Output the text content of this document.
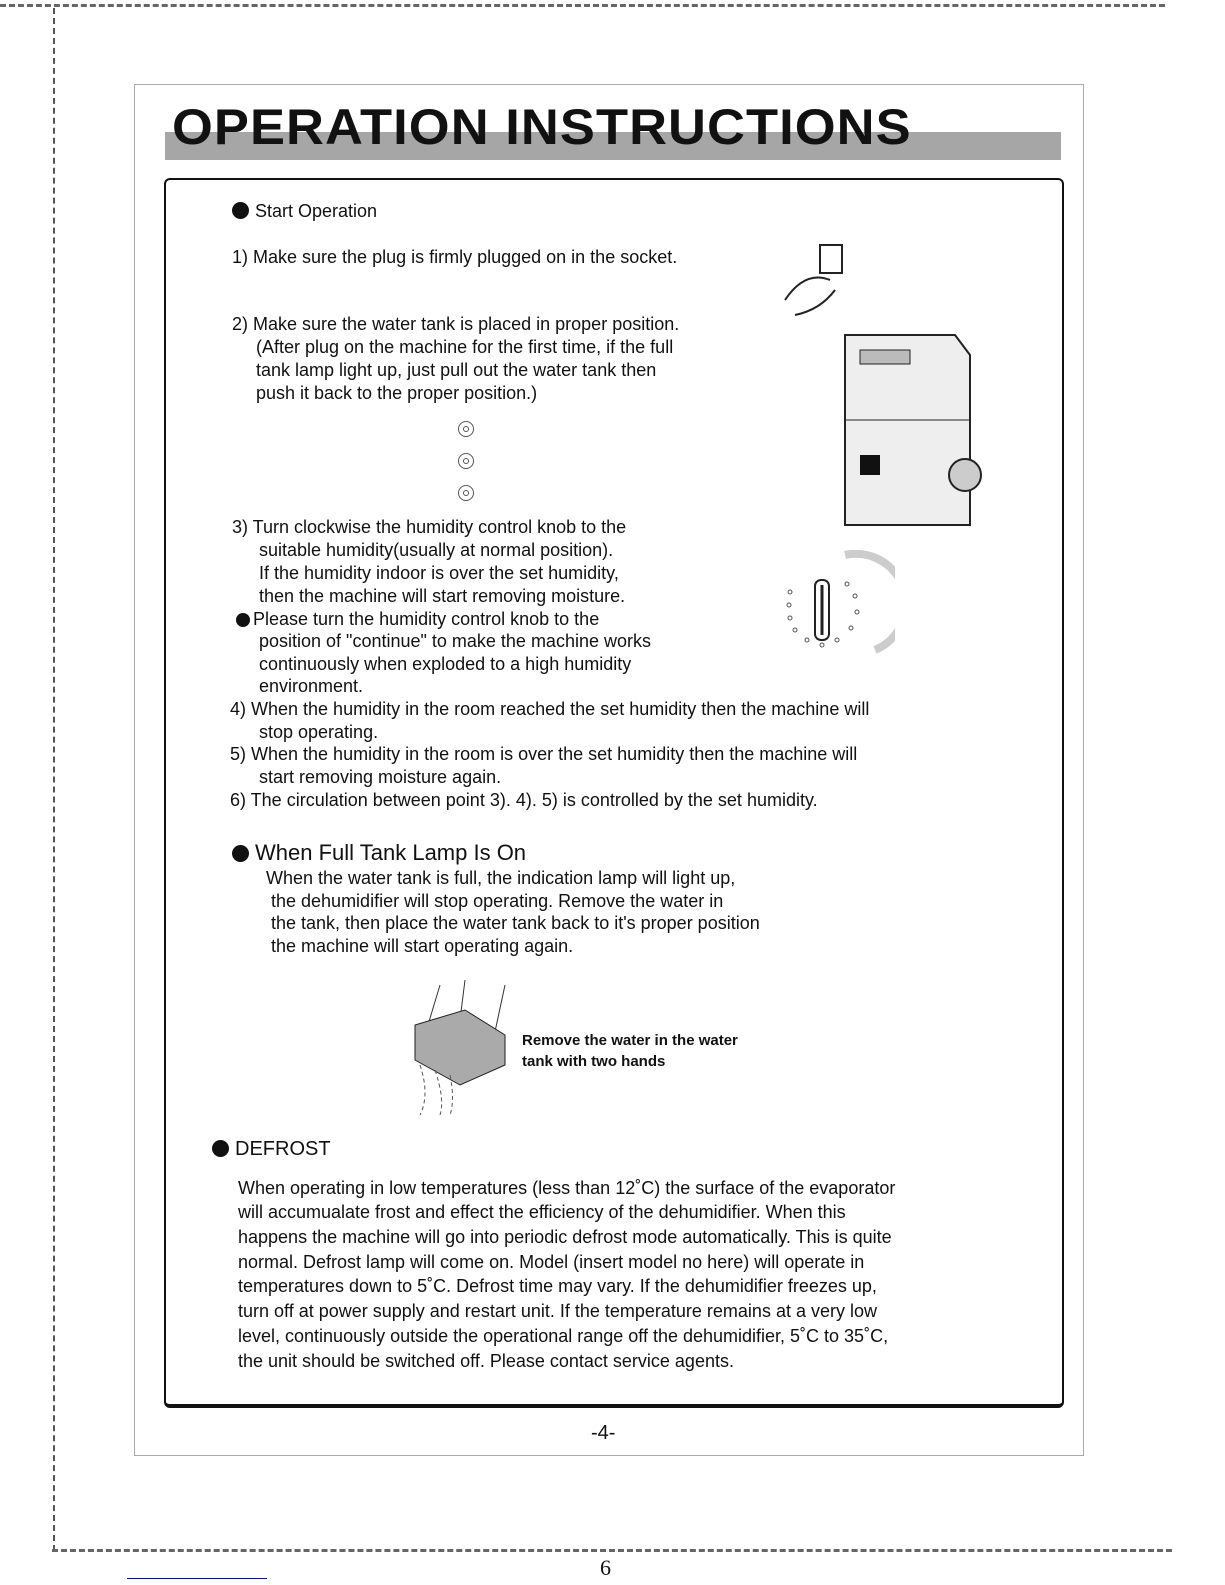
OPERATION INSTRUCTIONS
Start Operation
1) Make sure the plug is firmly plugged on in the socket.
2) Make sure the water tank is placed in proper position.
(After plug on the machine for the first time, if the full
tank lamp light up, just pull out the water tank then
push it back to the proper position.)
3) Turn clockwise the humidity control knob to the
suitable humidity(usually at normal position).
If the humidity indoor is over the set humidity,
then the machine will start removing moisture.
Please turn the humidity control knob to the
position of "continue" to make the machine works
continuously when exploded to a high humidity
environment.
4) When the humidity in the room reached the set humidity then the machine will
stop operating.
5) When the humidity in the room is over the set humidity then the machine will
start removing moisture again.
6) The circulation between point 3). 4). 5) is controlled by the set humidity.
When Full Tank Lamp Is On
When the water tank is full, the indication lamp will light up,
the dehumidifier will stop operating. Remove the water in
the tank, then place the water tank back to it's proper position
the machine will start operating again.
Remove the water in the water
tank with two hands
DEFROST
When operating in low temperatures (less than 12˚C) the surface of the evaporator
will accumualate frost and effect the efficiency of the dehumidifier. When this
happens the machine will go into periodic defrost mode automatically. This is quite
normal. Defrost lamp will come on. Model (insert model no here) will operate in
temperatures down to 5˚C. Defrost time may vary. If the dehumidifier freezes up,
turn off at power supply and restart unit. If the temperature remains at a very low
level, continuously outside the operational range off the dehumidifier, 5˚C to 35˚C,
the unit should be switched off. Please contact service agents.
-4-
6
